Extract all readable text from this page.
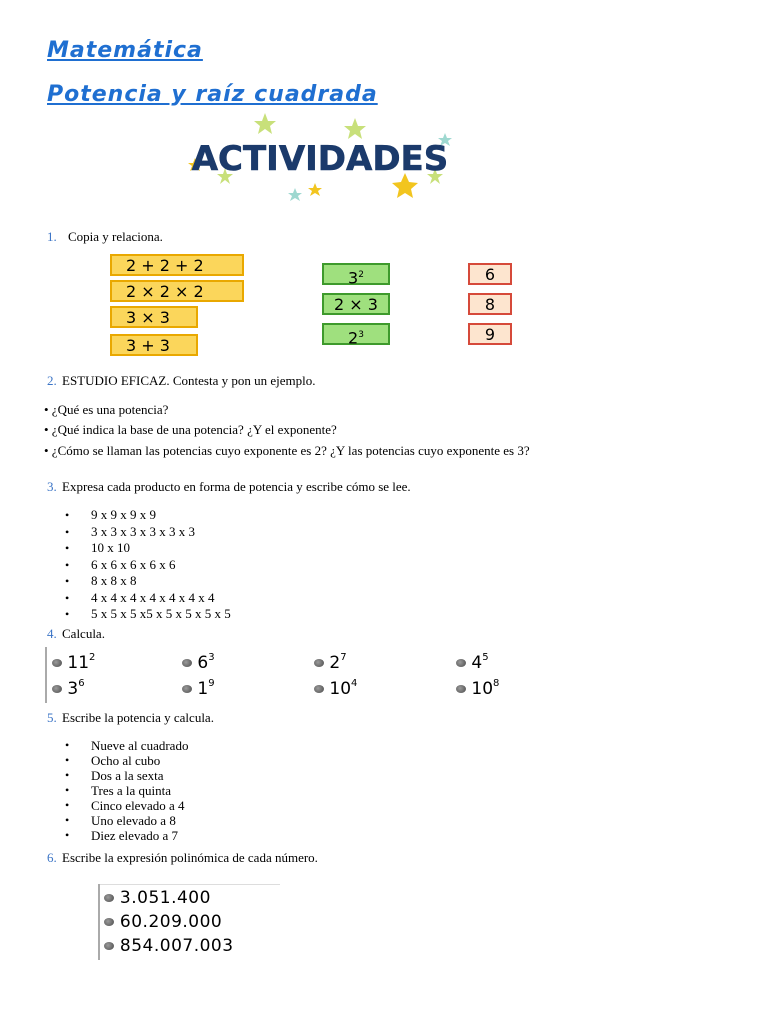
Matemática
Potencia y raíz cuadrada
ACTIVIDADES
1. Copia y relaciona.
2 + 2 + 2
2 × 2 × 2
3 × 3
3 + 3
$3^2$
2 × 3
$2^3$
6
8
9
2. ESTUDIO EFICAZ. Contesta y pon un ejemplo.
• ¿Qué es una potencia?
• ¿Qué indica la base de una potencia? ¿Y el exponente?
• ¿Cómo se llaman las potencias cuyo exponente es 2? ¿Y las potencias cuyo exponente es 3?
3. Expresa cada producto en forma de potencia y escribe cómo se lee.
• 9 x 9 x 9 x 9
• 3 x 3 x 3 x 3 x 3 x 3
• 10 x 10
• 6 x 6 x 6 x 6 x 6
• 8 x 8 x 8
• 4 x 4 x 4 x 4 x 4 x 4 x 4
• 5 x 5 x 5 x5 x 5 x 5 x 5 x 5
4. Calcula.
$11^2$	$6^3$	$2^7$	$4^5$
$3^6$	$1^9$	$10^4$	$10^8$
5. Escribe la potencia y calcula.
• Nueve al cuadrado
• Ocho al cubo
• Dos a la sexta
• Tres a la quinta
• Cinco elevado a 4
• Uno elevado a 8
• Diez elevado a 7
6. Escribe la expresión polinómica de cada número.
3.051.400
60.209.000
854.007.003
